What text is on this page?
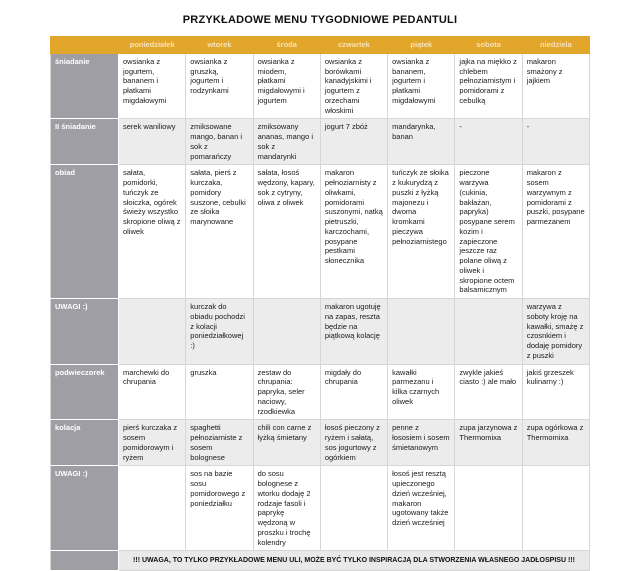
PRZYKŁADOWE MENU TYGODNIOWE PEDANTULI
	poniedziałek	wtorek	środa	czwartek	piątek	sobota	niedziela
śniadanie	owsianka z jogurtem, bananem i płatkami migdałowymi	owsianka z gruszką, jogurtem i rodzynkami	owsianka z miodem, płatkami migdałowymi i jogurtem	owsianka z borówkami kanadyjskimi i jogurtem z orzechami włoskimi	owsianka z bananem, jogurtem i płatkami migdałowymi	jajka na miękko z chlebem pełnoziarnistym i pomidorami z cebulką	makaron smażony z jajkiem
II śniadanie	serek waniliowy	zmiksowane mango, banan i sok z pomarańczy	zmiksowany ananas, mango i sok z mandarynki	jogurt 7 zbóż	mandarynka, banan	-	-
obiad	sałata, pomidorki, tuńczyk ze słoiczka, ogórek świeży wszystko skropione oliwą z oliwek	sałata, pierś z kurczaka, pomidory suszone, cebulki ze słoika marynowane	sałata, łosoś wędzony, kapary, sok z cytryny, oliwa z oliwek	makaron pełnoziarnisty z oliwkami, pomidorami suszonymi, natką pietruszki, karczochami, posypane pestkami słonecznika	tuńczyk ze słoika z kukurydzą z puszki z łyżką majonezu i dwoma kromkami pieczywa pełnoziarnistego	pieczone warzywa (cukinia, bakłażan, papryka) posypane serem kozim i zapieczone jeszcze raz polane oliwą z oliwek i skropione octem balsamicznym	makaron z sosem warzywnym z pomidorami z puszki, posypane parmezanem
UWAGI :)		kurczak do obiadu pochodzi z kolacji poniedziałkowej :)		makaron ugotuję na zapas, reszta będzie na piątkową kolację			warzywa z soboty kroję na kawałki, smażę z czosnkiem i dodaję pomidory z puszki
podwieczorek	marchewki do chrupania	gruszka	zestaw do chrupania: papryka, seler naciowy, rzodkiewka	migdały do chrupania	kawałki parmezanu i kilka czarnych oliwek	zwykle jakieś ciasto :) ale mało	jakiś grzeszek kulinarny :)
kolacja	pierś kurczaka z sosem pomidorowym i ryżem	spaghetti pełnoziarniste z sosem bolognese	chili con carne z łyżką śmietany	łosoś pieczony z ryżem i sałatą, sos jogurtowy z ogórkiem	penne z łososiem i sosem śmietanowym	zupa jarzynowa z Thermomixa	zupa ogórkowa z Thermomixa
UWAGI :)		sos na bazie sosu pomidorowego z poniedziałku	do sosu bolognese z wtorku dodaję 2 rodzaje fasoli i paprykę wędzoną w proszku i trochę kolendry		łosoś jest resztą upieczonego dzień wcześniej, makaron ugotowany także dzień wcześniej		
	!!! UWAGA, TO TYLKO PRZYKŁADOWE MENU ULI, MOŻE BYĆ TYLKO INSPIRACJĄ DLA STWORZENIA WŁASNEGO JADŁOSPISU !!!						
